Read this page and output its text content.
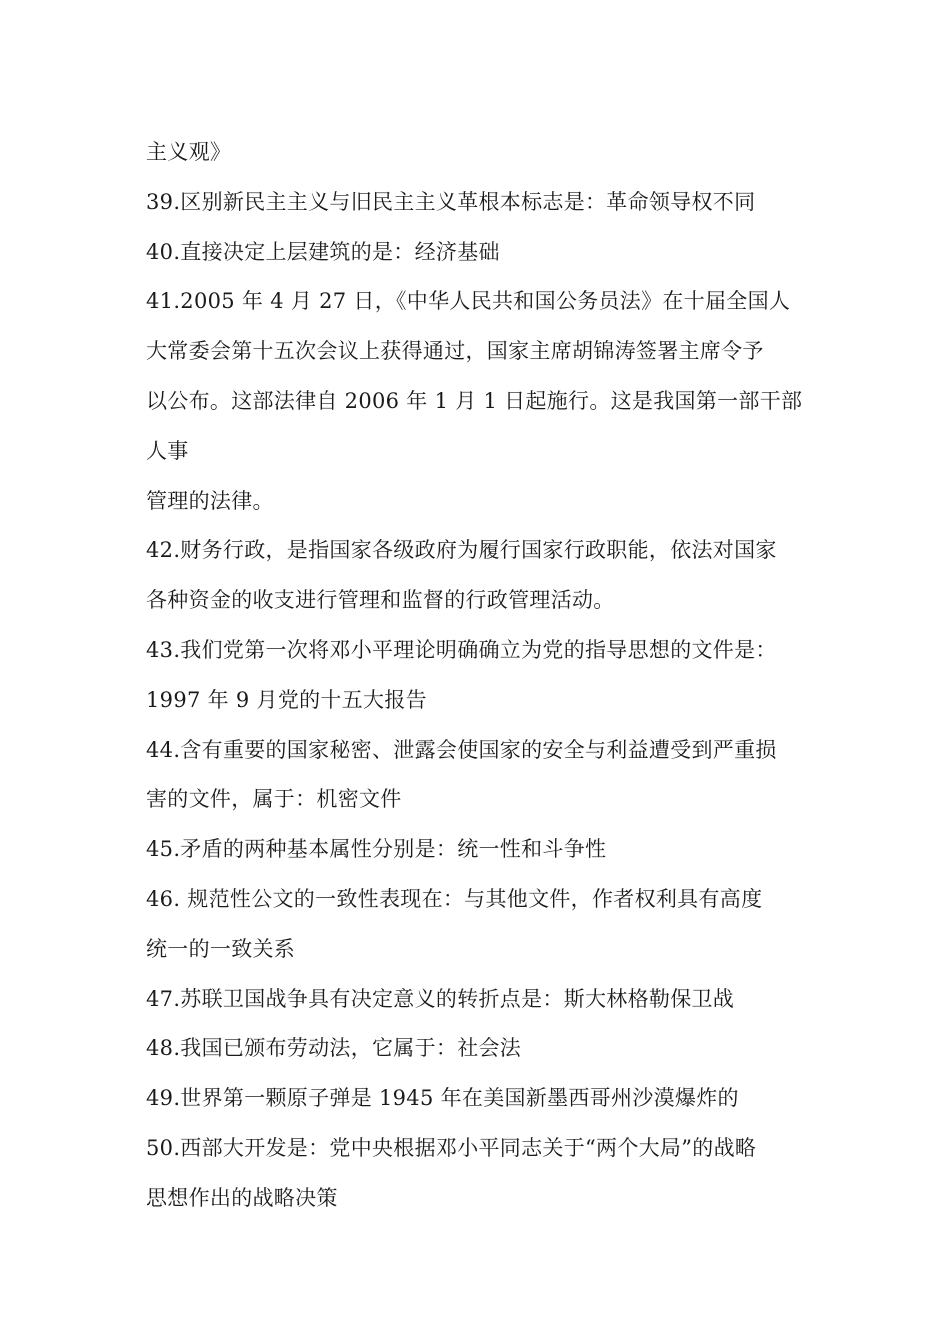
主义观》
39.区别新民主主义与旧民主主义革根本标志是：革命领导权不同
40.直接决定上层建筑的是：经济基础
41.2005 年 4 月 27 日，《中华人民共和国公务员法》在十届全国人
大常委会第十五次会议上获得通过，国家主席胡锦涛签署主席令予
以公布。这部法律自 2006 年 1 月 1 日起施行。这是我国第一部干部
人事
管理的法律。
42.财务行政，是指国家各级政府为履行国家行政职能，依法对国家
各种资金的收支进行管理和监督的行政管理活动。
43.我们党第一次将邓小平理论明确确立为党的指导思想的文件是：
1997 年 9 月党的十五大报告
44.含有重要的国家秘密、泄露会使国家的安全与利益遭受到严重损
害的文件，属于：机密文件
45.矛盾的两种基本属性分别是：统一性和斗争性
46. 规范性公文的一致性表现在：与其他文件，作者权利具有高度
统一的一致关系
47.苏联卫国战争具有决定意义的转折点是：斯大林格勒保卫战
48.我国已颁布劳动法，它属于：社会法
49.世界第一颗原子弹是 1945 年在美国新墨西哥州沙漠爆炸的
50.西部大开发是：党中央根据邓小平同志关于“两个大局”的战略
思想作出的战略决策
